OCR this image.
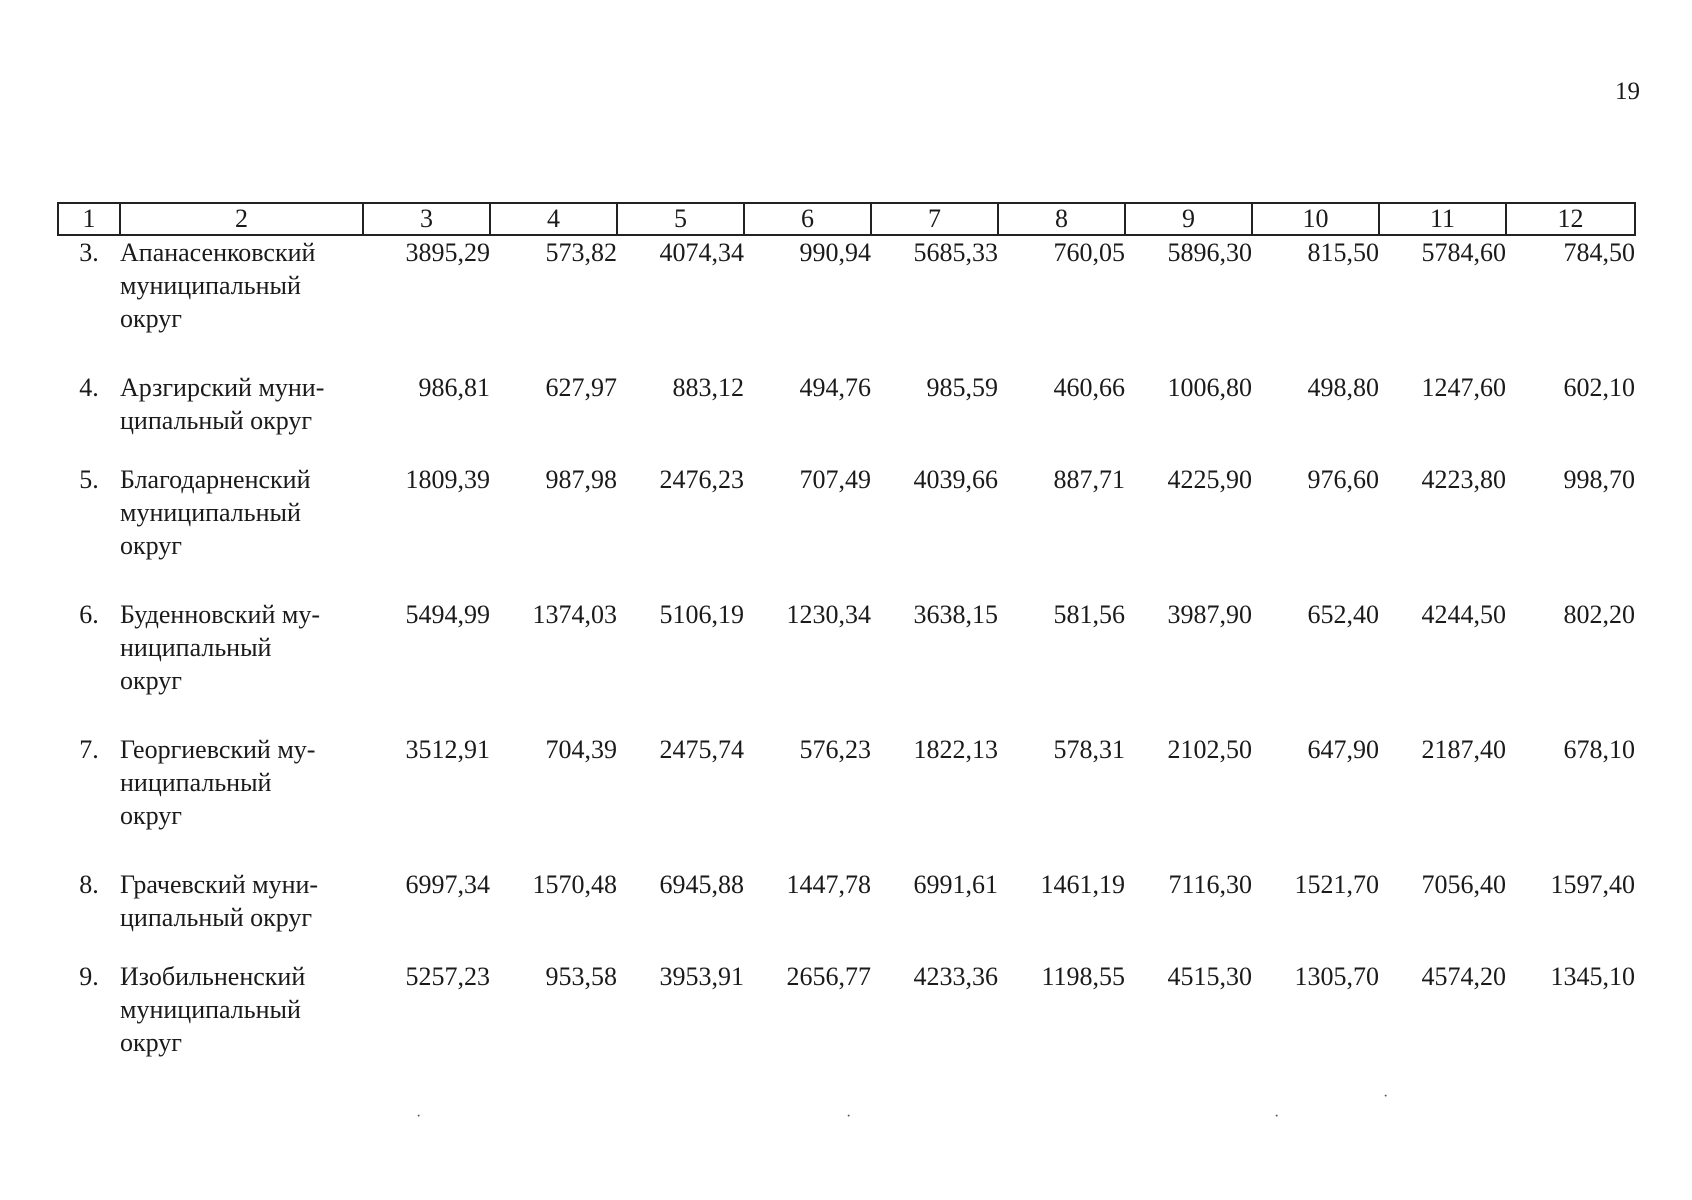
19
1	2	3	4	5	6	7	8	9	10	11	12
3.	Апанасенковский
муниципальный
округ	3895,29	573,82	4074,34	990,94	5685,33	760,05	5896,30	815,50	5784,60	784,50

4.	Арзгирский муни-
ципальный округ	986,81	627,97	883,12	494,76	985,59	460,66	1006,80	498,80	1247,60	602,10

5.	Благодарненский
муниципальный
округ	1809,39	987,98	2476,23	707,49	4039,66	887,71	4225,90	976,60	4223,80	998,70

6.	Буденновский му-
ниципальный
округ	5494,99	1374,03	5106,19	1230,34	3638,15	581,56	3987,90	652,40	4244,50	802,20

7.	Георгиевский му-
ниципальный
округ	3512,91	704,39	2475,74	576,23	1822,13	578,31	2102,50	647,90	2187,40	678,10

8.	Грачевский муни-
ципальный округ	6997,34	1570,48	6945,88	1447,78	6991,61	1461,19	7116,30	1521,70	7056,40	1597,40

9.	Изобильненский
муниципальный
округ	5257,23	953,58	3953,91	2656,77	4233,36	1198,55	4515,30	1305,70	4574,20	1345,10

·	·	·
·
